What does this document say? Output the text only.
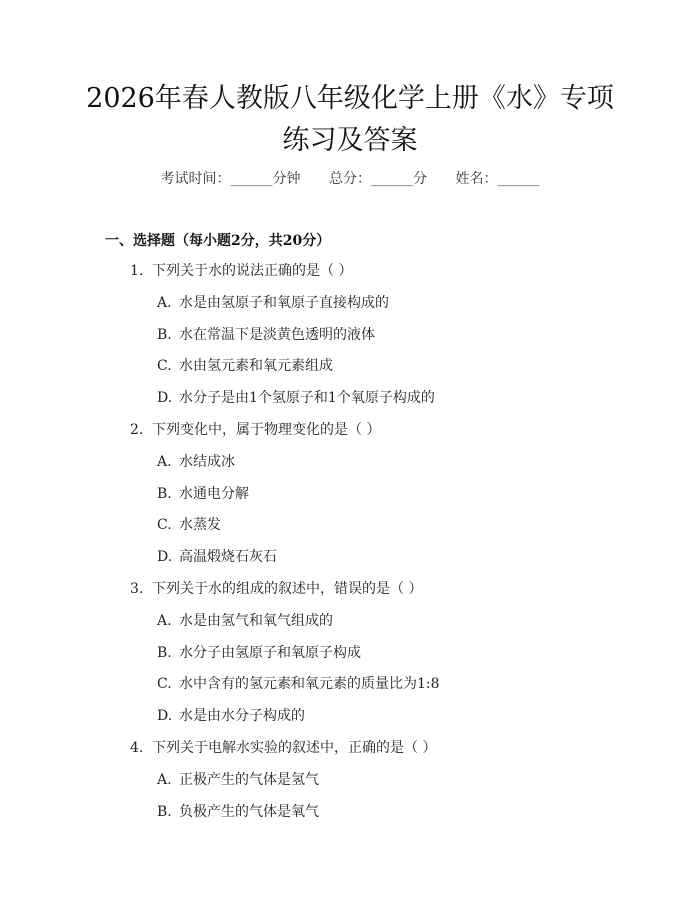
2026年春人教版八年级化学上册《水》专项
练习及答案
考试时间：______分钟 总分：______分 姓名：______
一、选择题（每小题2分，共20分）
1. 下列关于水的说法正确的是（ ）
A. 水是由氢原子和氧原子直接构成的
B. 水在常温下是淡黄色透明的液体
C. 水由氢元素和氧元素组成
D. 水分子是由1个氢原子和1个氧原子构成的
2. 下列变化中，属于物理变化的是（ ）
A. 水结成冰
B. 水通电分解
C. 水蒸发
D. 高温煅烧石灰石
3. 下列关于水的组成的叙述中，错误的是（ ）
A. 水是由氢气和氧气组成的
B. 水分子由氢原子和氧原子构成
C. 水中含有的氢元素和氧元素的质量比为1:8
D. 水是由水分子构成的
4. 下列关于电解水实验的叙述中，正确的是（ ）
A. 正极产生的气体是氢气
B. 负极产生的气体是氧气
